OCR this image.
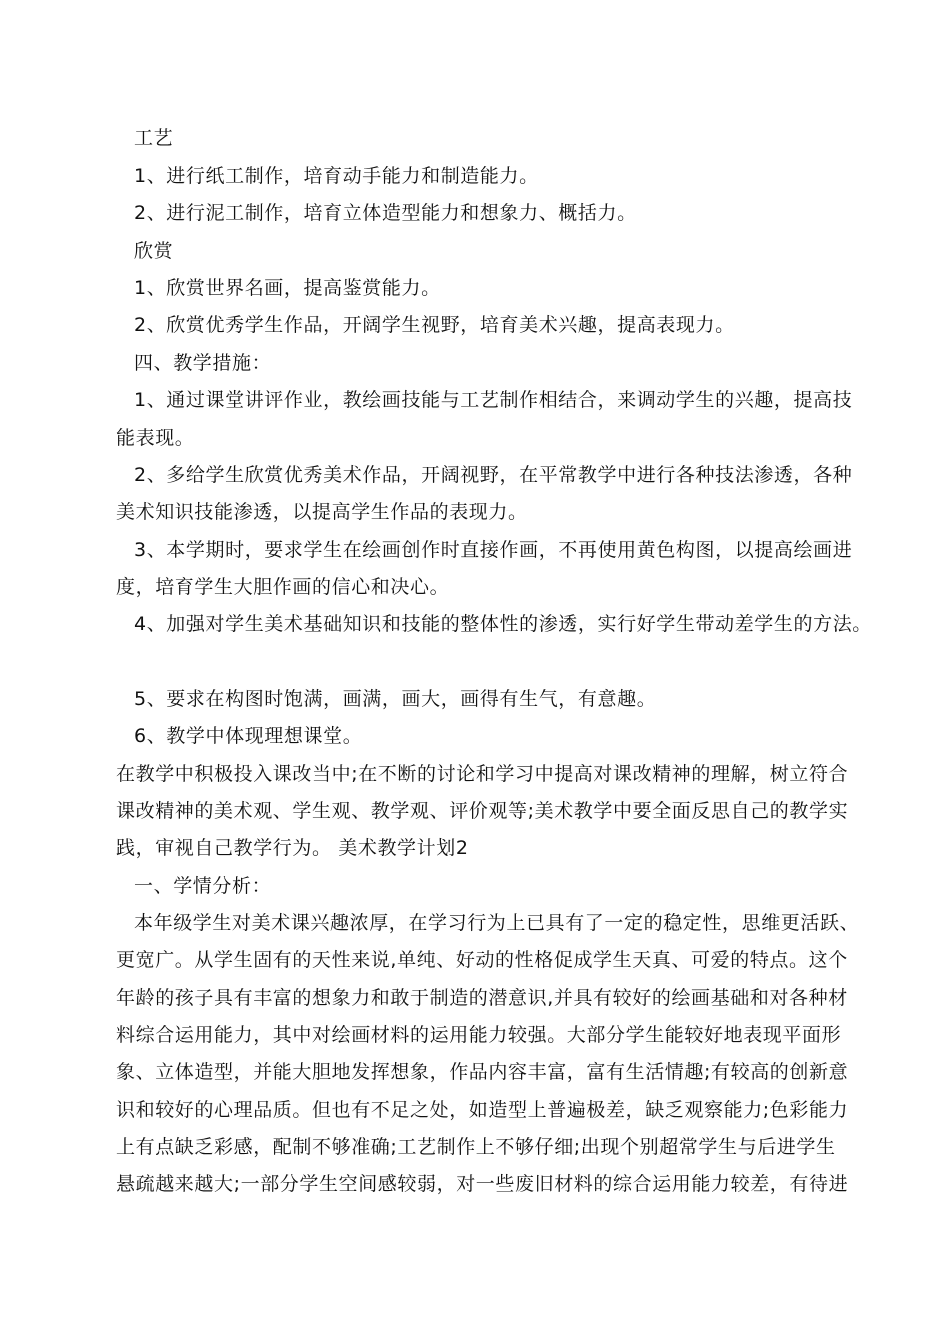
工艺
1、进行纸工制作，培育动手能力和制造能力。
2、进行泥工制作，培育立体造型能力和想象力、概括力。
欣赏
1、欣赏世界名画，提高鉴赏能力。
2、欣赏优秀学生作品，开阔学生视野，培育美术兴趣，提高表现力。
四、教学措施：
1、通过课堂讲评作业，教绘画技能与工艺制作相结合，来调动学生的兴趣，提高技
能表现。
2、多给学生欣赏优秀美术作品，开阔视野，在平常教学中进行各种技法渗透，各种
美术知识技能渗透，以提高学生作品的表现力。
3、本学期时，要求学生在绘画创作时直接作画，不再使用黄色构图，以提高绘画进
度，培育学生大胆作画的信心和决心。
4、加强对学生美术基础知识和技能的整体性的渗透，实行好学生带动差学生的方法。
5、要求在构图时饱满，画满，画大，画得有生气，有意趣。
6、教学中体现理想课堂。
在教学中积极投入课改当中;在不断的讨论和学习中提高对课改精神的理解，树立符合
课改精神的美术观、学生观、教学观、评价观等;美术教学中要全面反思自己的教学实
践，审视自己教学行为。 美术教学计划2
一、学情分析：
本年级学生对美术课兴趣浓厚，在学习行为上已具有了一定的稳定性，思维更活跃、
更宽广。从学生固有的天性来说,单纯、好动的性格促成学生天真、可爱的特点。这个
年龄的孩子具有丰富的想象力和敢于制造的潜意识,并具有较好的绘画基础和对各种材
料综合运用能力，其中对绘画材料的运用能力较强。大部分学生能较好地表现平面形
象、立体造型，并能大胆地发挥想象，作品内容丰富，富有生活情趣;有较高的创新意
识和较好的心理品质。但也有不足之处，如造型上普遍极差，缺乏观察能力;色彩能力
上有点缺乏彩感，配制不够准确;工艺制作上不够仔细;出现个别超常学生与后进学生
悬疏越来越大;一部分学生空间感较弱，对一些废旧材料的综合运用能力较差，有待进
